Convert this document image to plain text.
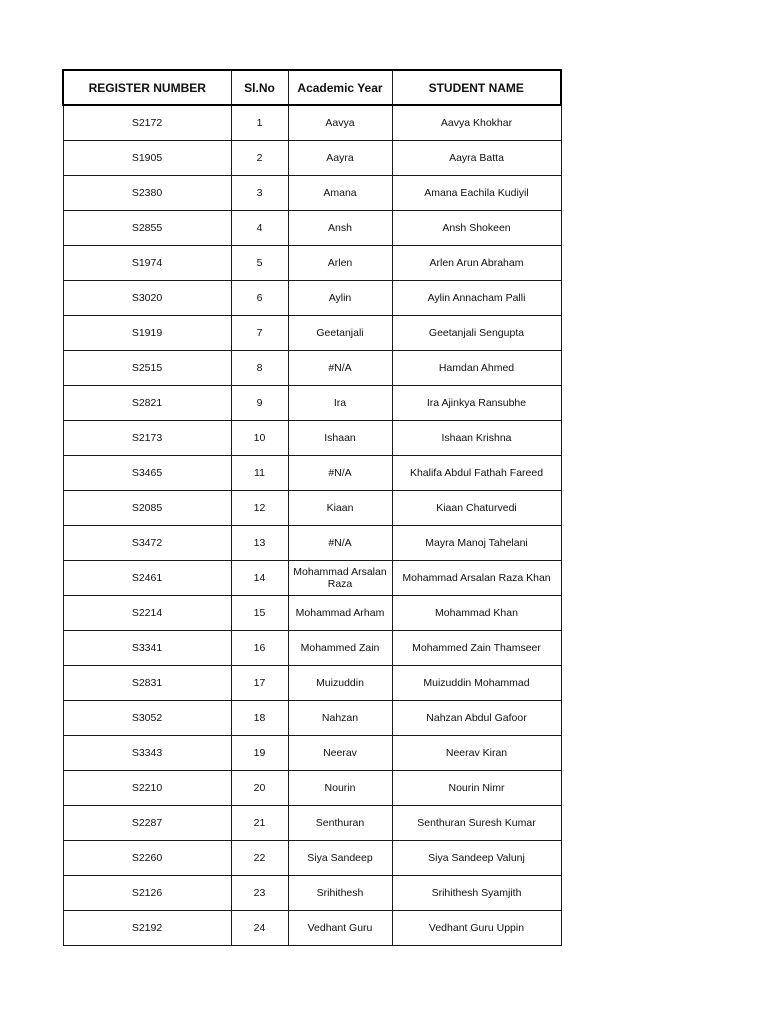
REGISTER NUMBER	Sl.No	Academic Year	STUDENT NAME
S2172	1	Aavya	Aavya Khokhar
S1905	2	Aayra	Aayra Batta
S2380	3	Amana	Amana Eachila Kudiyil
S2855	4	Ansh	Ansh Shokeen
S1974	5	Arlen	Arlen Arun Abraham
S3020	6	Aylin	Aylin Annacham Palli
S1919	7	Geetanjali	Geetanjali Sengupta
S2515	8	#N/A	Hamdan Ahmed
S2821	9	Ira	Ira Ajinkya Ransubhe
S2173	10	Ishaan	Ishaan Krishna
S3465	11	#N/A	Khalifa Abdul Fathah Fareed
S2085	12	Kiaan	Kiaan Chaturvedi
S3472	13	#N/A	Mayra Manoj Tahelani
S2461	14	Mohammad Arsalan Raza	Mohammad Arsalan Raza Khan
S2214	15	Mohammad Arham	Mohammad Khan
S3341	16	Mohammed Zain	Mohammed Zain Thamseer
S2831	17	Muizuddin	Muizuddin Mohammad
S3052	18	Nahzan	Nahzan Abdul Gafoor
S3343	19	Neerav	Neerav Kiran
S2210	20	Nourin	Nourin Nimr
S2287	21	Senthuran	Senthuran Suresh Kumar
S2260	22	Siya Sandeep	Siya Sandeep Valunj
S2126	23	Srihithesh	Srihithesh Syamjith
S2192	24	Vedhant Guru	Vedhant Guru Uppin
